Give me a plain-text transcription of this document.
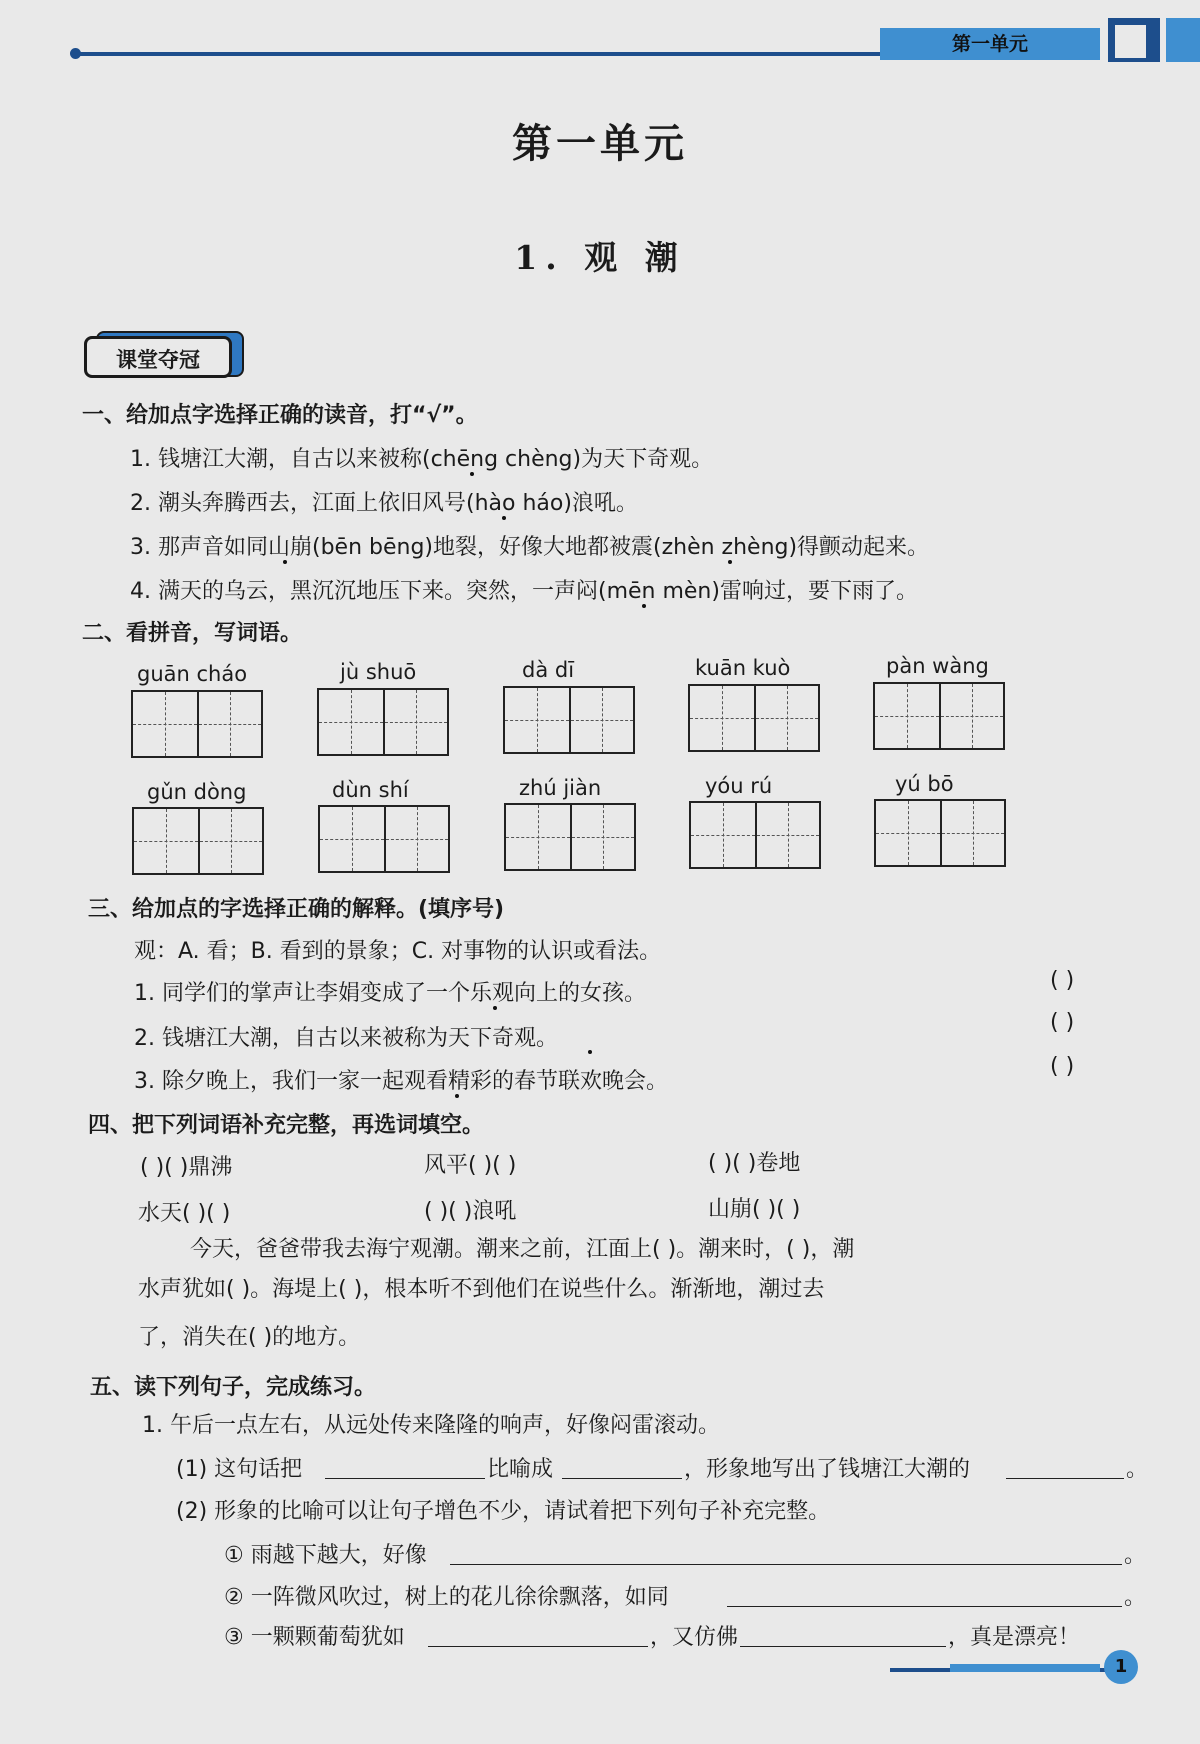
第一单元
第一单元
1. 观 潮
课堂夺冠
一、给加点字选择正确的读音，打“√”。
1. 钱塘江大潮，自古以来被称(chēng chèng)为天下奇观。
2. 潮头奔腾西去，江面上依旧风号(hào háo)浪吼。
3. 那声音如同山崩(bēn bēng)地裂，好像大地都被震(zhèn zhèng)得颤动起来。
4. 满天的乌云，黑沉沉地压下来。突然，一声闷(mēn mèn)雷响过，要下雨了。
二、看拼音，写词语。
guān cháo	jù shuō	dà dī	kuān kuò	pàn wàng
gǔn dòng	dùn shí	zhú jiàn	yóu rú	yú bō
三、给加点的字选择正确的解释。(填序号)
观：A. 看；B. 看到的景象；C. 对事物的认识或看法。
1. 同学们的掌声让李娟变成了一个乐观向上的女孩。
2. 钱塘江大潮，自古以来被称为天下奇观。
3. 除夕晚上，我们一家一起观看精彩的春节联欢晚会。
( )
( )
( )
四、把下列词语补充完整，再选词填空。
( )( )鼎沸	风平( )( )	( )( )卷地
水天( )( )	( )( )浪吼	山崩( )( )
今天，爸爸带我去海宁观潮。潮来之前，江面上( )。潮来时，( )，潮
水声犹如( )。海堤上( )，根本听不到他们在说些什么。渐渐地，潮过去
了，消失在( )的地方。
五、读下列句子，完成练习。
1. 午后一点左右，从远处传来隆隆的响声，好像闷雷滚动。
(1) 这句话把	比喻成	，形象地写出了钱塘江大潮的	。
(2) 形象的比喻可以让句子增色不少，请试着把下列句子补充完整。
① 雨越下越大，好像	。
② 一阵微风吹过，树上的花儿徐徐飘落，如同	。
③ 一颗颗葡萄犹如	，又仿佛	，真是漂亮！
1
